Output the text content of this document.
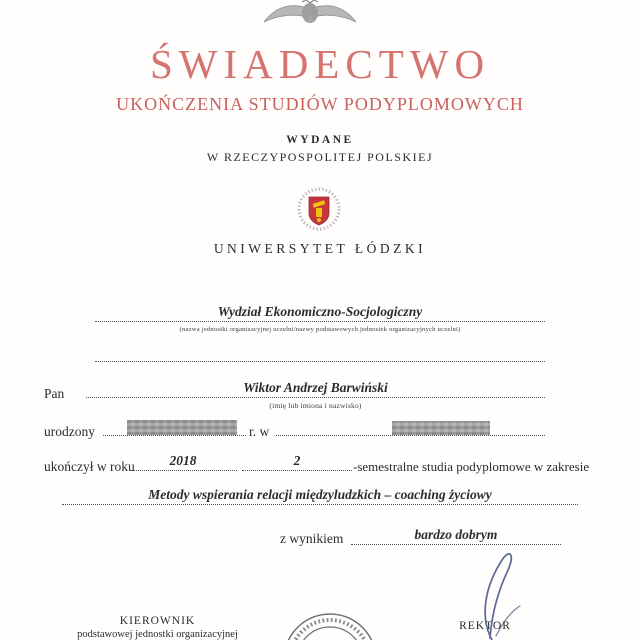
ŚWIADECTWO
UKOŃCZENIA STUDIÓW PODYPLOMOWYCH
WYDANE
W RZECZYPOSPOLITEJ POLSKIEJ
UNIWERSYTET ŁÓDZKI
Wydział Ekonomiczno-Socjologiczny
(nazwa jednostki organizacyjnej uczelni/nazwy podstawowych jednostek organizacyjnych uczelni)
Pan	Wiktor Andrzej Barwiński
(imię lub imiona i nazwisko)
urodzony	r. w
ukończył w roku	2018	2	-semestralne studia podyplomowe w zakresie
Metody wspierania relacji międzyludzkich – coaching życiowy
z wynikiem	bardzo dobrym
KIEROWNIK
podstawowej jednostki organizacyjnej
REKTOR
